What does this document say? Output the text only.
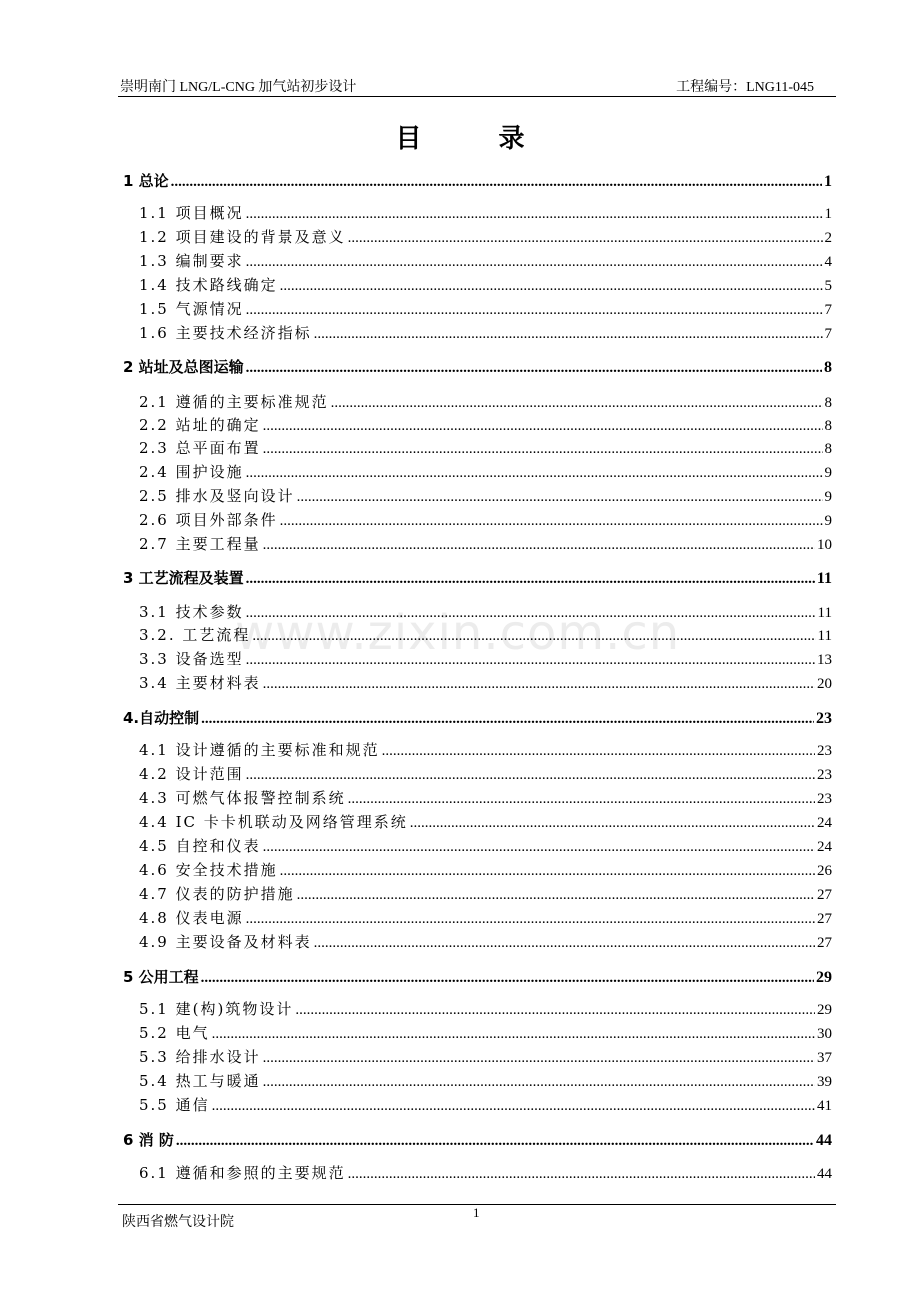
崇明南门 LNG/L-CNG 加气站初步设计	工程编号：LNG11-045
目 录
www.zixin.com.cn
1 总论 .....	1
1.1 项目概况 .....	1
1.2 项目建设的背景及意义 .....	2
1.3 编制要求 .....	4
1.4 技术路线确定 .....	5
1.5 气源情况 .....	7
1.6 主要技术经济指标 .....	7
2 站址及总图运输 .....	8
2.1 遵循的主要标准规范 .....	8
2.2 站址的确定 .....	8
2.3 总平面布置 .....	8
2.4 围护设施 .....	9
2.5 排水及竖向设计 .....	9
2.6 项目外部条件 .....	9
2.7 主要工程量 .....	10
3 工艺流程及装置 .....	11
3.1 技术参数 .....	11
3.2. 工艺流程 .....	11
3.3 设备选型 .....	13
3.4 主要材料表 .....	20
4.自动控制 .....	23
4.1 设计遵循的主要标准和规范 .....	23
4.2 设计范围 .....	23
4.3 可燃气体报警控制系统 .....	23
4.4 IC 卡卡机联动及网络管理系统 .....	24
4.5 自控和仪表 .....	24
4.6 安全技术措施 .....	26
4.7 仪表的防护措施 .....	27
4.8 仪表电源 .....	27
4.9 主要设备及材料表 .....	27
5 公用工程 .....	29
5.1 建(构)筑物设计 .....	29
5.2 电气 .....	30
5.3 给排水设计 .....	37
5.4 热工与暖通 .....	39
5.5 通信 .....	41
6 消 防 .....	44
6.1 遵循和参照的主要规范 .....	44
陕西省燃气设计院
1
